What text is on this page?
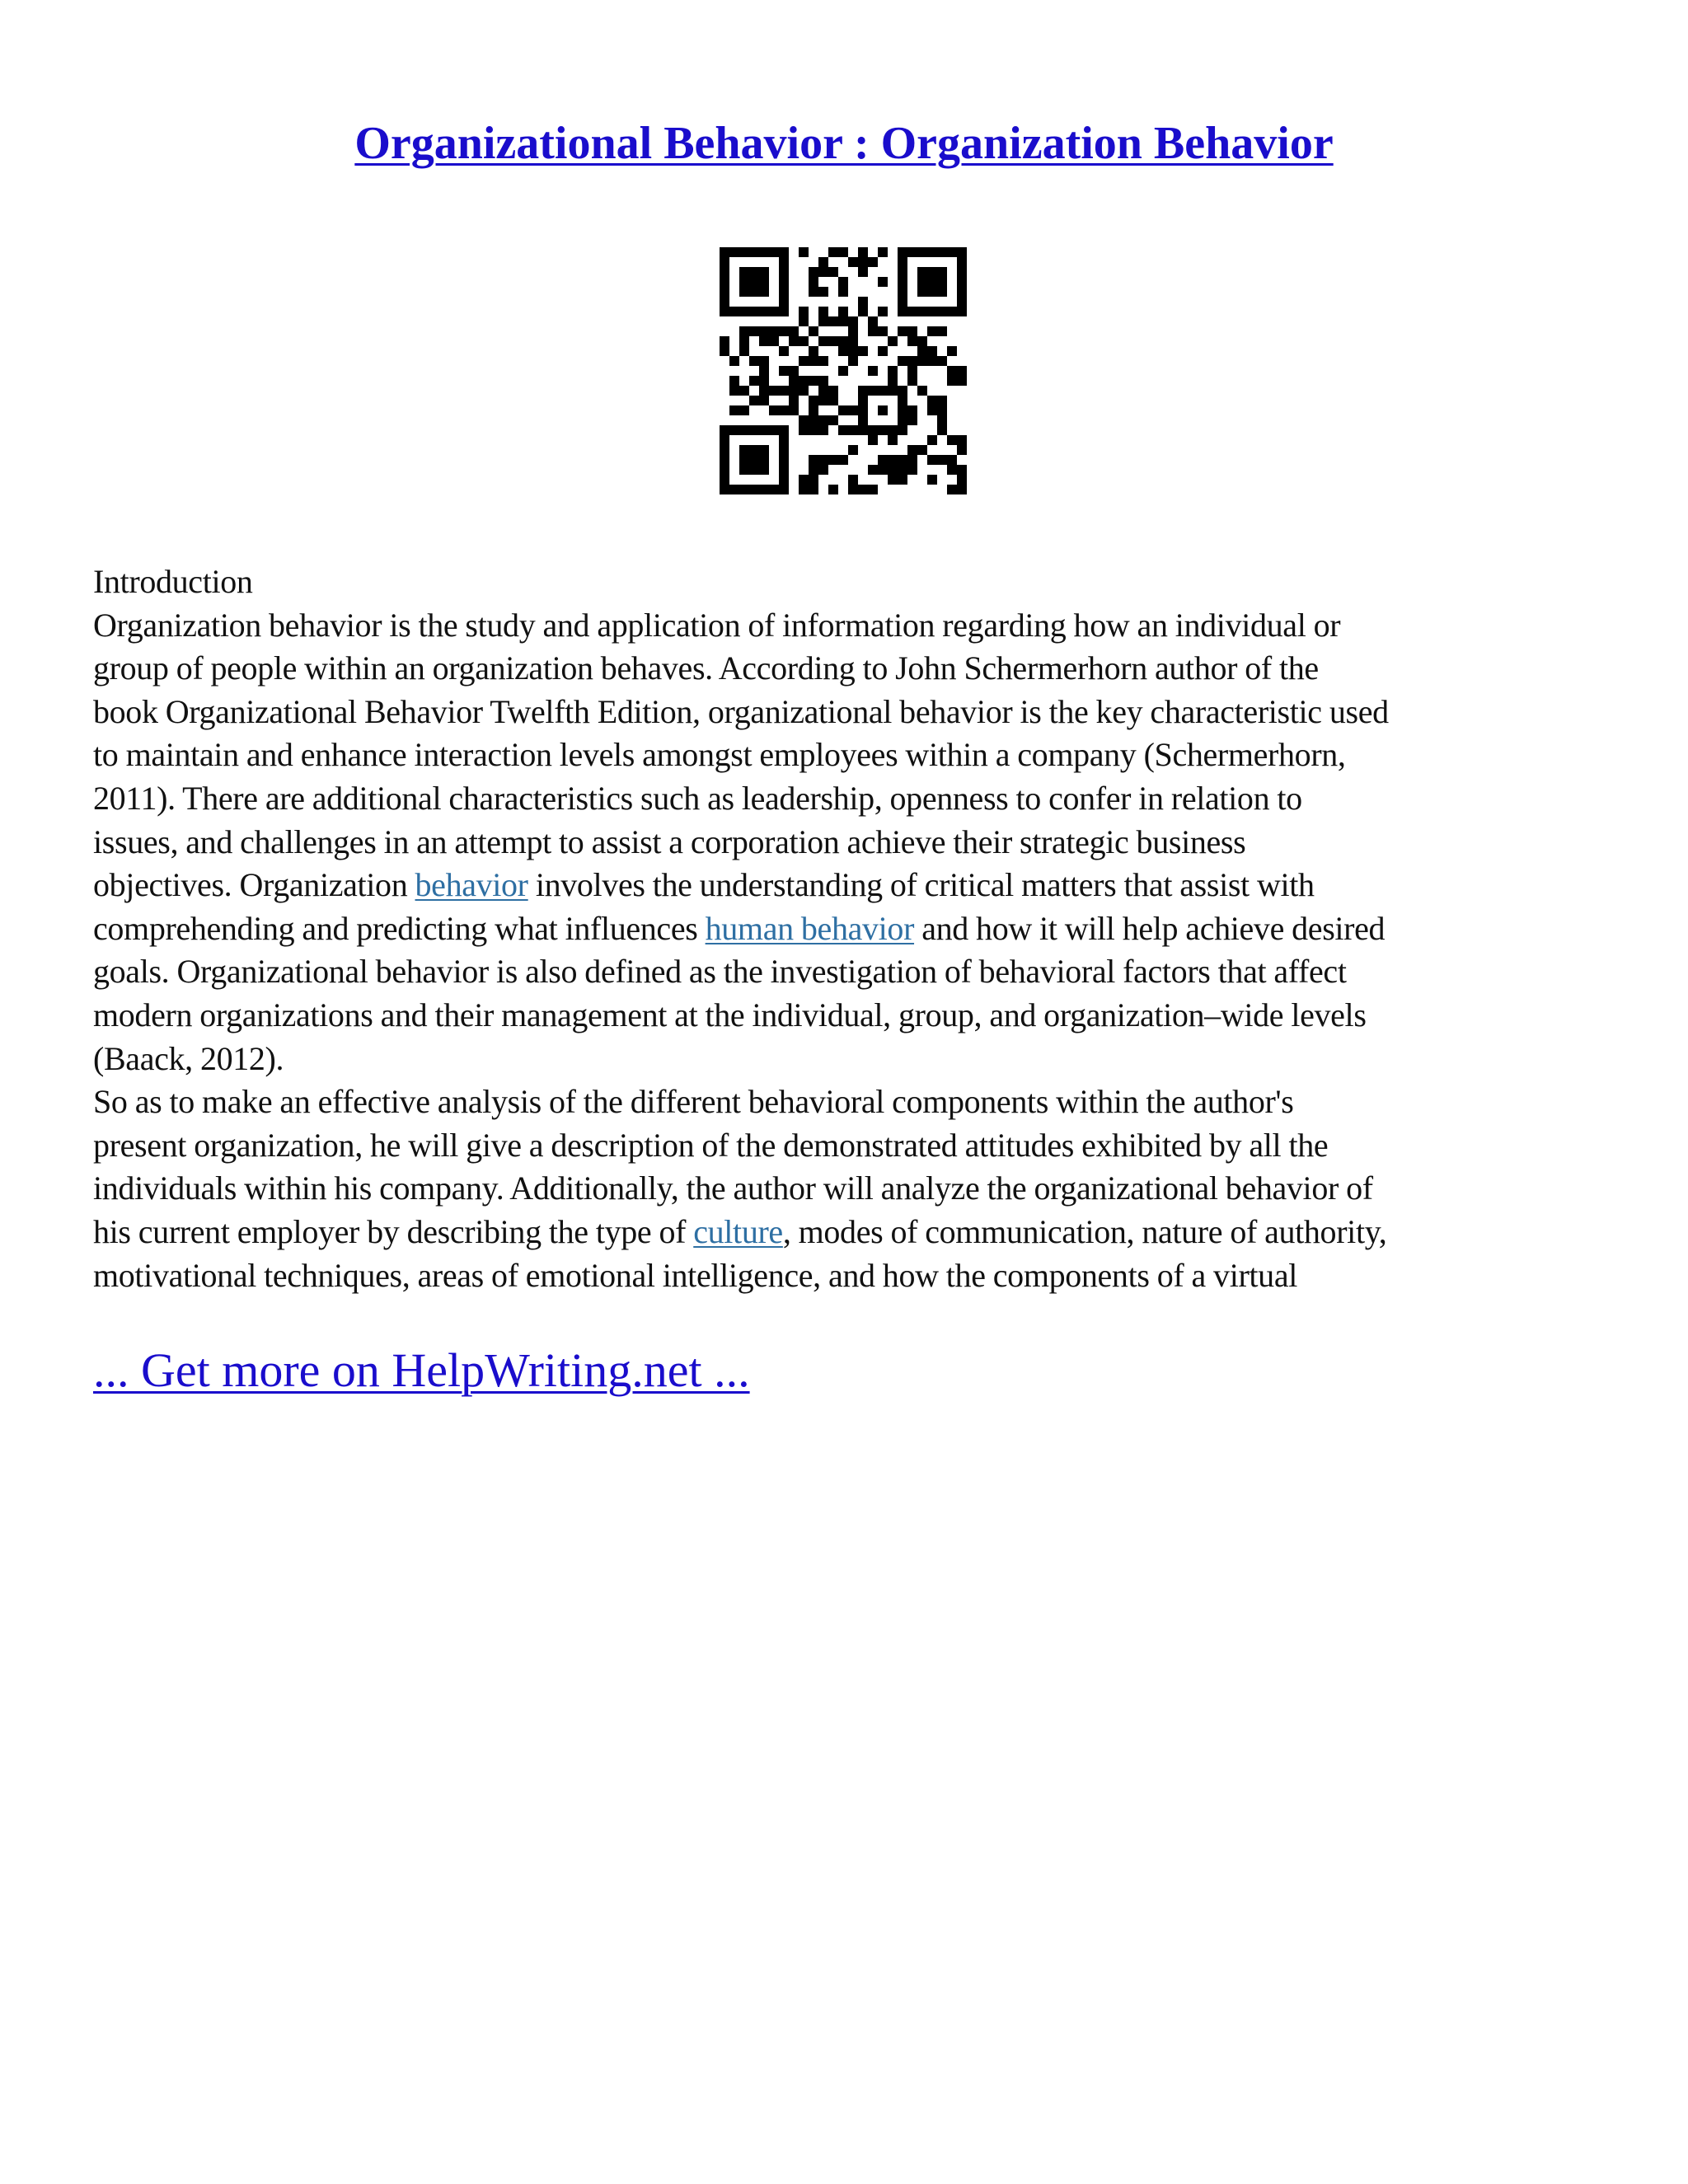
Organizational Behavior : Organization Behavior
Introduction
Organization behavior is the study and application of information regarding how an individual or
group of people within an organization behaves. According to John Schermerhorn author of the
book Organizational Behavior Twelfth Edition, organizational behavior is the key characteristic used
to maintain and enhance interaction levels amongst employees within a company (Schermerhorn,
2011). There are additional characteristics such as leadership, openness to confer in relation to
issues, and challenges in an attempt to assist a corporation achieve their strategic business
objectives. Organization behavior involves the understanding of critical matters that assist with
comprehending and predicting what influences human behavior and how it will help achieve desired
goals. Organizational behavior is also defined as the investigation of behavioral factors that affect
modern organizations and their management at the individual, group, and organization–wide levels
(Baack, 2012).
So as to make an effective analysis of the different behavioral components within the author's
present organization, he will give a description of the demonstrated attitudes exhibited by all the
individuals within his company. Additionally, the author will analyze the organizational behavior of
his current employer by describing the type of culture, modes of communication, nature of authority,
motivational techniques, areas of emotional intelligence, and how the components of a virtual
... Get more on HelpWriting.net ...
